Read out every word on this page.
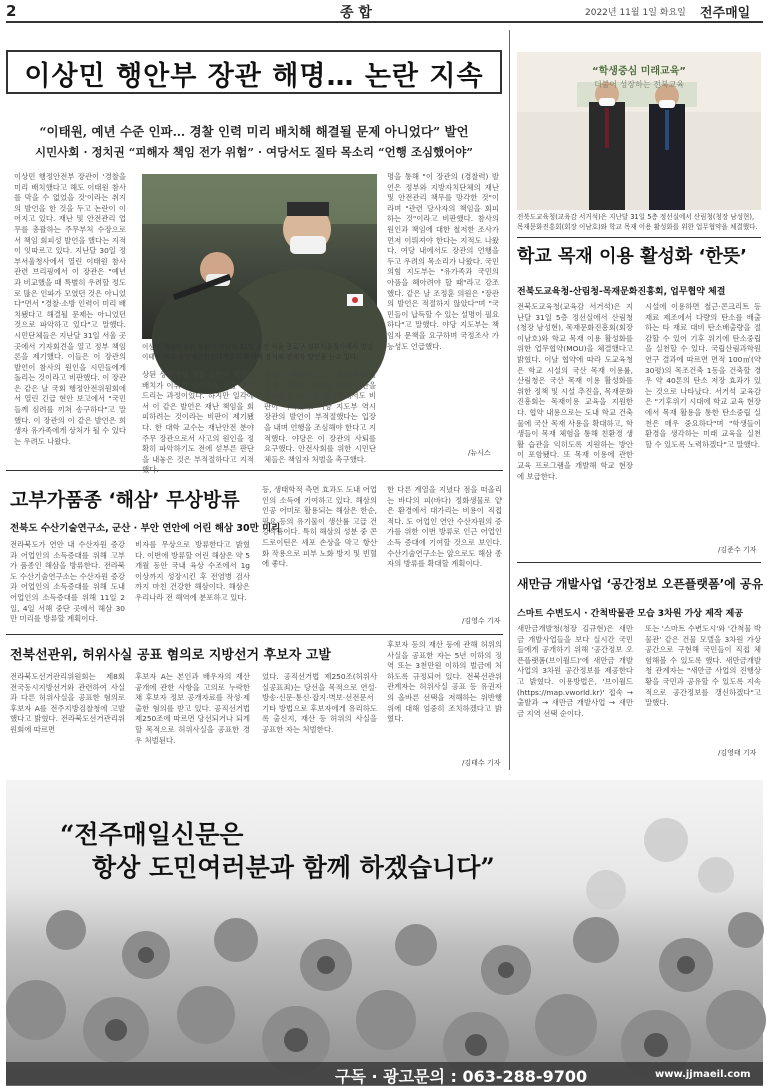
2	종 합	2022년 11월 1일 화요일 전주매일
이상민 행안부 장관 해명… 논란 지속
“이태원, 예년 수준 인파… 경찰 인력 미리 배치해 해결될 문제 아니었다” 발언
시민사회 · 정치권 “피해자 책임 전가 위험” · 여당서도 질타 목소리 “언행 조심했어야”
이상민 행정안전부 장관이 '경찰을 미리 배치했다고 해도 이태원 참사를 막을 수 없었을 것'이라는 취지의 발언을 한 것을 두고 논란이 이어지고 있다. 재난 및 안전관리 업무를 총괄하는 주무부처 수장으로서 책임 회피성 발언을 했다는 지적이 잇따르고 있다. 지난달 30일 정부서울청사에서 열린 이태원 참사 관련 브리핑에서 이 장관은 "예년과 비교했을 때 특별히 우려할 정도로 많은 인파가 모였던 것은 아니었다"면서 "경찰·소방 인력이 미리 배치됐다고 해결될 문제는 아니었던 것으로 파악하고 있다"고 말했다. 시민단체들은 지난달 31일 서울 곳곳에서 기자회견을 열고 정부 책임론을 제기했다. 이들은 이 장관의 발언이 참사의 원인을 시민들에게 돌리는 것이라고 비판했다. 이 장관은 같은 날 국회 행정안전위원회에서 열린 긴급 현안 보고에서 "국민들께 심려를 끼쳐 송구하다"고 말했다. 이 장관의 이 같은 발언은 희생자 유가족에게 상처가 될 수 있다는 우려도 나왔다.
이상민 행정안전부 장관이 지난달 31일 오전 서울 종로구 정부서울청사에서 열린 이태원 사고 중앙재난안전대책본부 회의에 참석해 관계자 발언을 듣고 있다.
상된 상황에서 경찰·소방의 적절한 배치가 이뤄진 것이라는 점을 말씀드리는 과정이었다. 하지만 일각에서 이 같은 발언은 재난 책임을 회피하려는 것이라는 비판이 제기됐다. 한 대학 교수는 재난안전 분야 주무 장관으로서 사고의 원인을 정확히 파악하기도 전에 섣부른 판단을 내놓은 것은 부적절하다고 지적
경찰이 '책임이 무엇인지 규명할 필요가 있다'며 정부에 대한 비판을 강화하고 나섰다. 정치권에서도 비판이 이어졌다. 여당 지도부 역시 장관의 발언이 부적절했다는 입장을 내며 언행을 조심해야 한다고 지적했다. 야당은 이 장관의 사퇴를 요구했다. 안전사회를 위한 시민단체들은 책임자 처벌을 촉구했다.
명을 통해 "이 장관의 (경찰력) 발언은 정부와 지방자치단체의 재난 및 안전관리 책무를 망각한 것"이라며 "관련 당사자의 책임을 회피하는 것"이라고 비판했다. 참사의 원인과 책임에 대한 철저한 조사가 먼저 이뤄져야 한다는 지적도 나왔다. 여당 내에서도 장관의 언행을 두고 우려의 목소리가 나왔다. 국민의힘 지도부는 "유가족과 국민의 아픔을 헤아려야 할 때"라고 강조했다. 같은 날 조정훈 의원은 "장관의 발언은 적절하지 않았다"며 "국민들이 납득할 수 있는 설명이 필요하다"고 말했다. 야당 지도부는 책임자 문책을 요구하며 국정조사 가능성도 언급했다.
/뉴시스
“학생중심 미래교육”
더불어 성장하는 전북교육
전북도교육청(교육감 서거석)은 지난달 31일 5층 정선실에서 산림청(청장 남성현), 목재문화진흥회(회장 이남호)와 학교 목재 이용 활성화를 위한 업무협약을 체결했다.
학교 목재 이용 활성화 ‘한뜻’
전북도교육청-산림청-목재문화진흥회, 업무협약 체결
전북도교육청(교육감 서거석)은 지난달 31일 5층 정선실에서 산림청(청장 남성현), 목재문화진흥회(회장 이남호)와 학교 목재 이용 활성화를 위한 업무협약(MOU)을 체결했다고 밝혔다. 이날 협약에 따라 도교육청은 학교 시설의 국산 목재 이용률, 산림청은 국산 목재 이용 활성화를 위한 정책 및 시설 추진을, 목재문화진흥회는 목재이용 교육을 지원한다. 협약 내용으로는 도내 학교 건축물에 국산 목재 사용을 확대하고, 학생들이 목재 체험을 통해 친환경 생활 습관을 익히도록 지원하는 방안이 포함됐다. 또 목재 이용에 관한 교육 프로그램을 개발해 학교 현장에 보급한다.
시설에 이용하면 철근·콘크리트 등 재료 제조에서 다량의 탄소를 배출하는 타 재료 대비 탄소배출량을 절감할 수 있어 기후 위기에 탄소중립을 실천할 수 있다. 국립산림과학원 연구 결과에 따르면 면적 100㎡(약 30평)의 목조건축 1동을 건축할 경우 약 40톤의 탄소 저장 효과가 있는 것으로 나타났다. 서거석 교육감은 "기후위기 시대에 학교 교육 현장에서 목재 활용을 통한 탄소중립 실천은 매우 중요하다"며 "학생들이 환경을 생각하는 미래 교육을 실천할 수 있도록 노력하겠다"고 말했다.
/김준수 기자
고부가품종 ‘해삼’ 무상방류
전북도 수산기술연구소, 군산 · 부안 연안에 어린 해삼 30만 미리
전라북도가 연안 내 수산자원 증강과 어업인의 소득증대를 위해 고부가 품종인 해삼을 방류한다. 전라북도 수산기술연구소는 수산자원 증강과 어업인의 소득증대를 위해 도내 어업인의 소득증대를 위해 11일 2일, 4일 서해 중단 곳에서 해삼 30만 미리를 방류할 계획이다.
비자를 무상으로 방류한다고 밝혔다. 이번에 방류할 어린 해삼은 약 5개월 동안 국내 육상 수조에서 1g 이상까지 성장시킨 후 전염병 검사까지 마친 건강한 해삼이다. 해삼은 우리나라 전 해역에 분포하고 있다.
등, 생태학적 측면 효과도 도내 어업인의 소득에 기여하고 있다. 해삼의 인공 어미로 활용되는 해삼은 한순, 필요 등의 유기물이 생산률 고급 건강식품이다. 특히 해삼의 성분 중 콘드로이틴은 세포 손상을 막고 항산화 작용으로 피부 노화 방지 및 빈혈에 좋다.
한 다른 계열을 지녔다 점을 떠올리는 바다의 피(바다) 정화생물로 얕은 환경에서 대가리는 비용이 직접 적다. 도 어업인 연안 수산자원의 증가를 위한 이번 방류로 인근 어업인 소득 증대에 기여할 것으로 보인다. 수산기술연구소는 앞으로도 해삼 종자의 방류를 확대할 계획이다.
/김영수 기자
전북선관위, 허위사실 공표 혐의로 지방선거 후보자 고발
전라북도선거관리위원회는 제8회 전국동시지방선거와 관련하여 사실과 다른 허위사실을 공표한 혐의로 후보자 A를 전주지방검찰청에 고발했다고 밝혔다. 전라북도선거관리위원회에 따르면
후보자 A는 본인과 배우자의 재산 공개에 관한 사항을 고의로 누락한 채 후보자 정보 공개자료를 작성·제출한 혐의를 받고 있다. 공직선거법 제250조에 따르면 당선되거나 되게 할 목적으로 허위사실을 공표한 경우 처벌된다.
었다. 공직선거법 제250조(허위사실공표죄)는 당선을 목적으로 연설·방송·신문·통신·잡지·벽보·선전문서 기타 방법으로 후보자에게 유리하도록 출신지, 재산 등 허위의 사실을 공표한 자는 처벌한다.
후보자 등의 재산 등에 관해 허위의 사실을 공표한 자는 5년 이하의 징역 또는 3천만원 이하의 벌금에 처하도록 규정되어 있다. 전북선관위 관계자는 허위사실 공표 등 유권자의 올바른 선택을 저해하는 위반행위에 대해 엄중히 조치하겠다고 밝혔다.
/김태수 기자
새만금 개발사업 ‘공간정보 오픈플랫폼’에 공유
스마트 수변도시 · 간척박물관 모습 3차원 가상 제작 제공
새만금개발청(청장 김규현)은 새만금 개발사업들을 보다 실시간 국민들에게 공개하기 위해 '공간정보 오픈플랫폼(브이월드)'에 새만금 개발사업의 3차원 공간정보를 제공한다고 밝혔다. 이용방법은, '브이월드(https://map.vworld.kr)' 접속 → 출발과 → 새만금 개발사업 → 새만금 지역 선택 순이다.
또는 '스마트 수변도시'와 '간척물 박물관' 같은 건물 모델을 3차원 가상 공간으로 구현해 국민들이 직접 체험해볼 수 있도록 했다. 새만금개발청 관계자는 "새만금 사업의 진행상황을 국민과 공유할 수 있도록 지속적으로 공간정보를 갱신하겠다"고 말했다.
/김영태 기자
“전주매일신문은
항상 도민여러분과 함께 하겠습니다”
구독 · 광고문의 : 063-288-9700	www.jjmaeil.com
